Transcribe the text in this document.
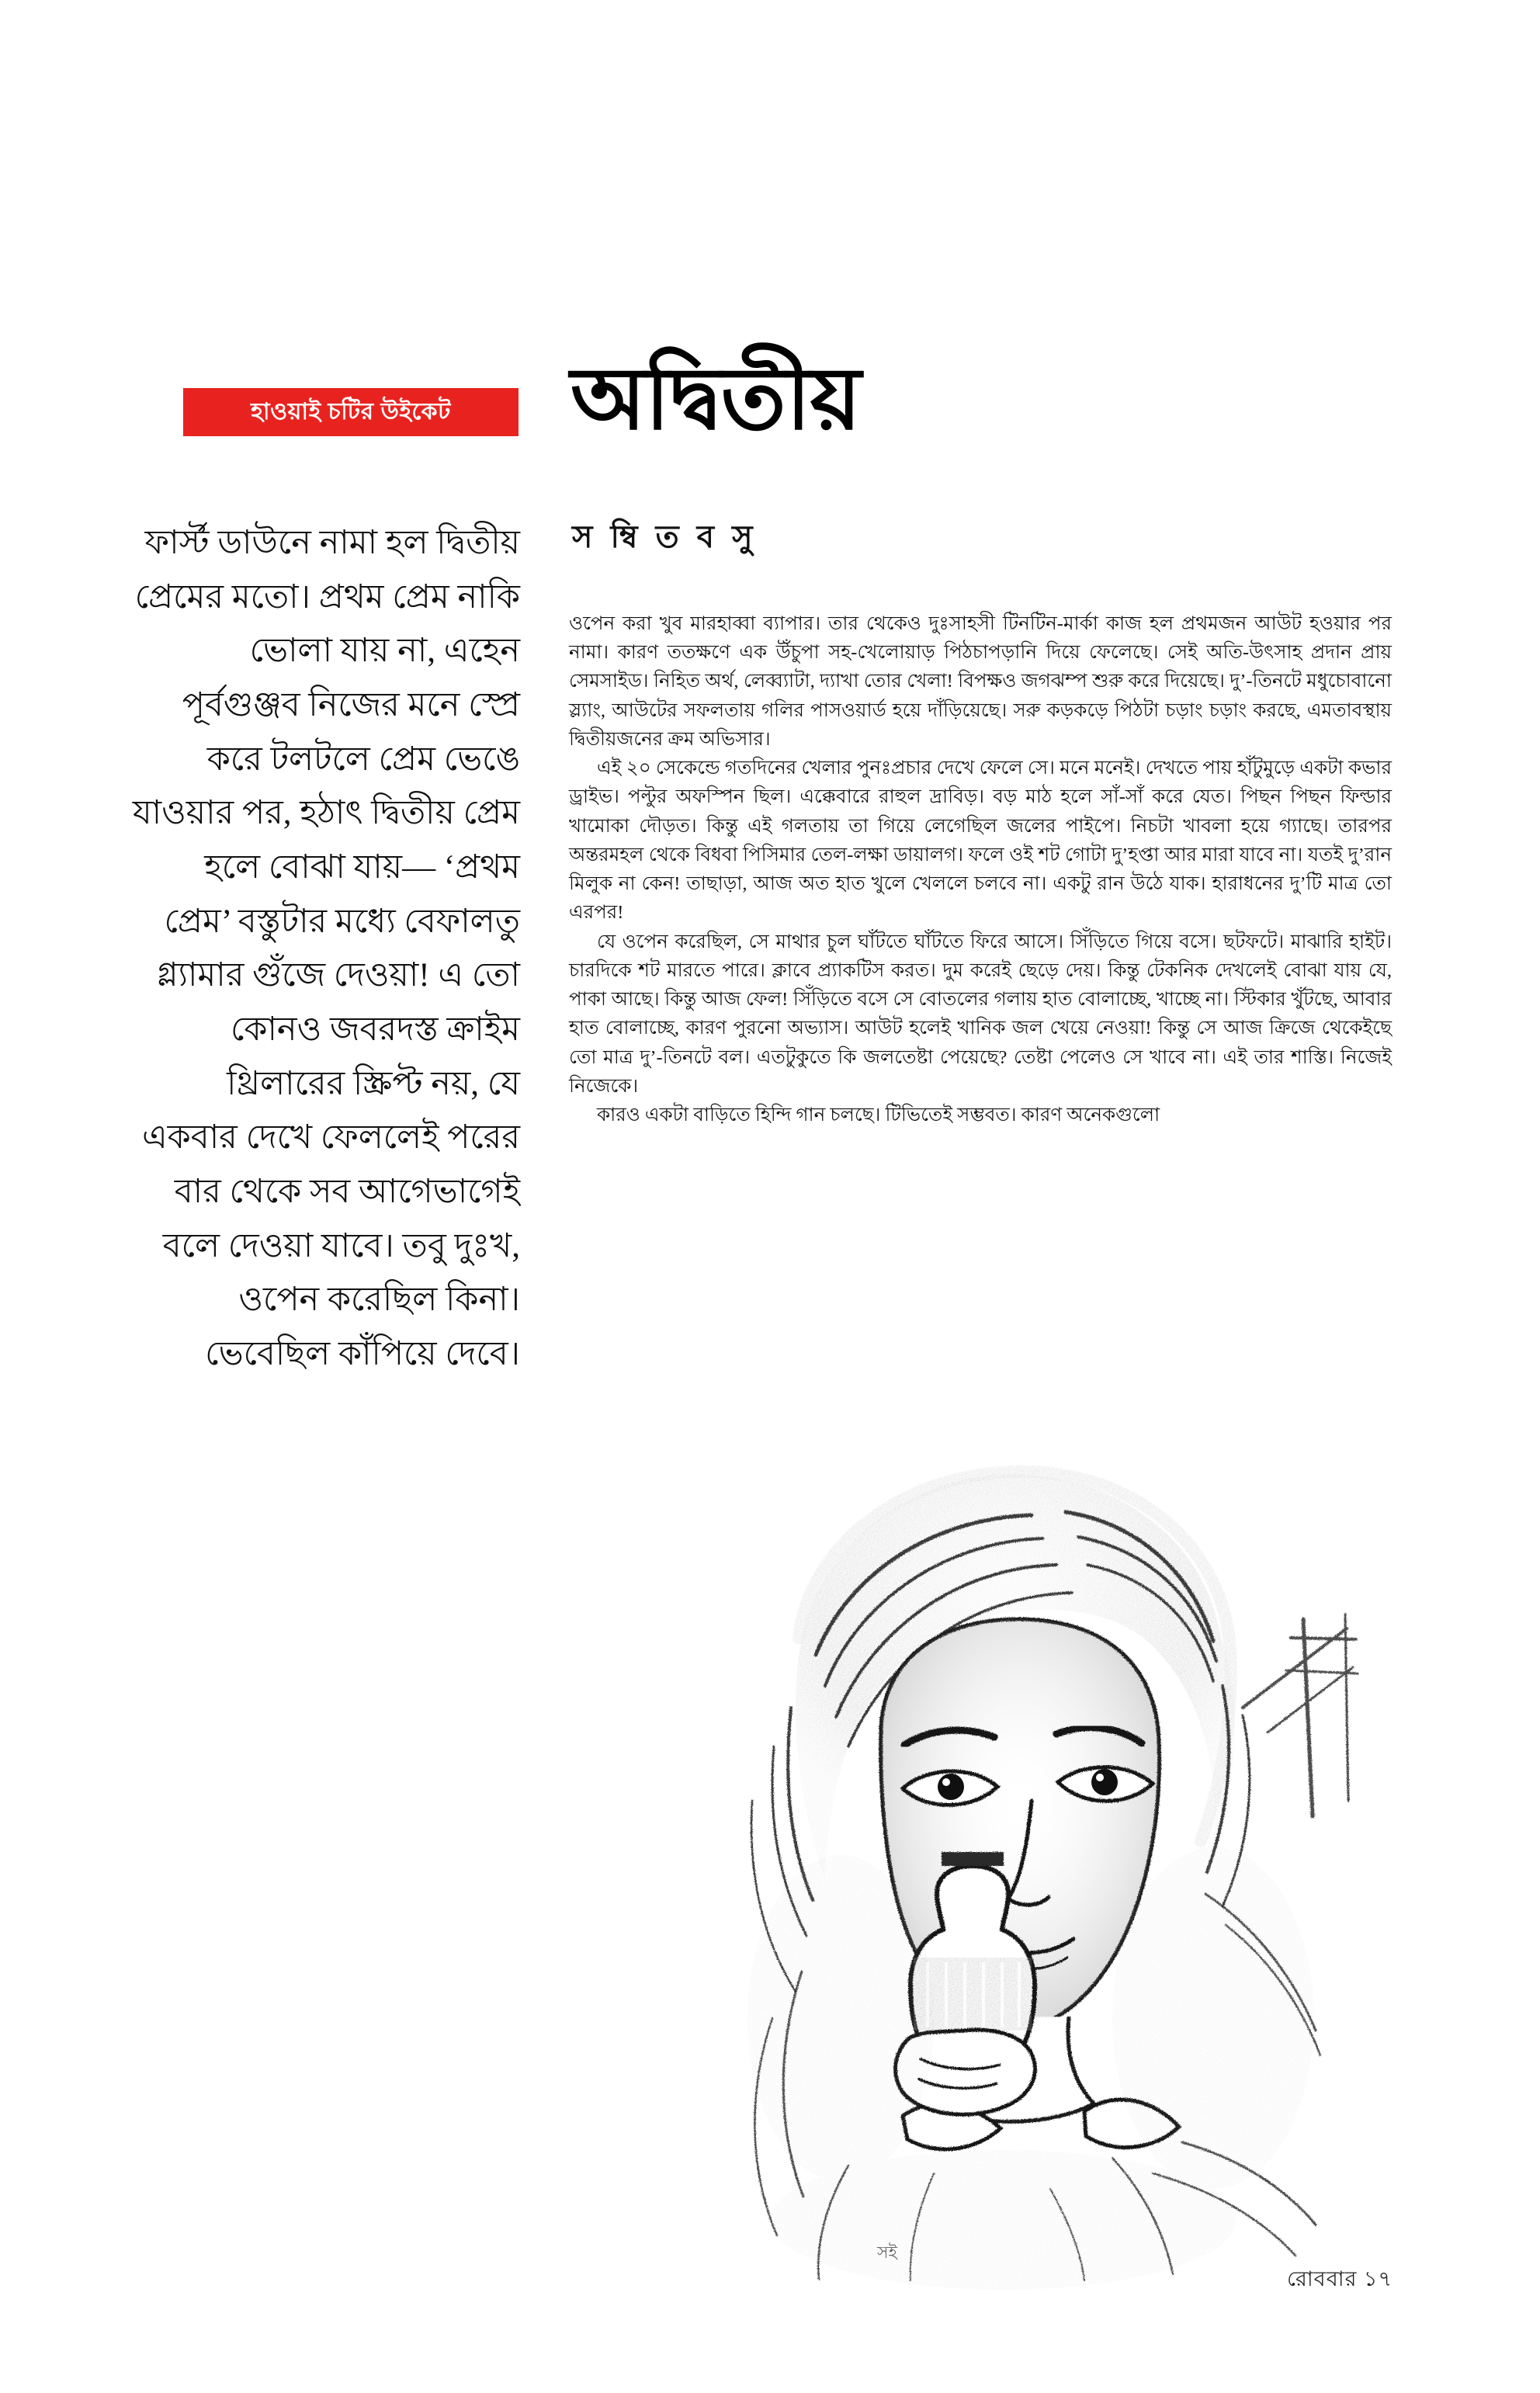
হাওয়াই চটির উইকেট	অদ্বিতীয়
স ম্বি ত ব সু
ফার্স্ট ডাউনে নামা হল দ্বিতীয় প্রেমের মতো। প্রথম প্রেম নাকি ভোলা যায় না, এহেন পূর্বগুঞ্জব নিজের মনে স্প্রে করে টলটলে প্রেম ভেঙে যাওয়ার পর, হঠাৎ দ্বিতীয় প্রেম হলে বোঝা যায়— ‘প্রথম প্রেম’ বস্তুটার মধ্যে বেফালতু গ্ল্যামার গুঁজে দেওয়া! এ তো কোনও জবরদস্ত ক্রাইম থ্রিলারের স্ক্রিপ্ট নয়, যে একবার দেখে ফেললেই পরের বার থেকে সব আগেভাগেই বলে দেওয়া যাবে। তবু দুঃখ, ওপেন করেছিল কিনা। ভেবেছিল কাঁপিয়ে দেবে।

ওপেন করা খুব মারহাব্বা ব্যাপার। তার থেকেও দুঃসাহসী টিনটিন-মার্কা কাজ হল প্রথমজন আউট হওয়ার পর নামা। কারণ ততক্ষণে এক উঁচুপা সহ-খেলোয়াড় পিঠচাপড়ানি দিয়ে ফেলেছে। সেই অতি-উৎসাহ প্রদান প্রায় সেমসাইড। নিহিত অর্থ, লেব্ব্যাটা, দ্যাখা তোর খেলা! বিপক্ষও জগঝম্প শুরু করে দিয়েছে। দু’-তিনটে মধুচোবানো স্ল্যাং, আউটের সফলতায় গলির পাসওয়ার্ড হয়ে দাঁড়িয়েছে। সরু কড়কড়ে পিঠটা চড়াং চড়াং করছে, এমতাবস্থায় দ্বিতীয়জনের ক্রম অভিসার।

এই ২০ সেকেন্ডে গতদিনের খেলার পুনঃপ্রচার দেখে ফেলে সে। মনে মনেই। দেখতে পায় হাঁটুমুড়ে একটা কভার ড্রাইভ। পল্টুর অফস্পিন ছিল। এক্কেবারে রাহুল দ্রাবিড়। বড় মাঠ হলে সাঁ-সাঁ করে যেত। পিছন পিছন ফিল্ডার খামোকা দৌড়ত। কিন্তু এই গলতায় তা গিয়ে লেগেছিল জলের পাইপে। নিচটা খাবলা হয়ে গ্যাছে। তারপর অন্তরমহল থেকে বিধবা পিসিমার তেল-লক্ষা ডায়ালগ। ফলে ওই শট গোটা দু’হপ্তা আর মারা যাবে না। যতই দু’রান মিলুক না কেন! তাছাড়া, আজ অত হাত খুলে খেললে চলবে না। একটু রান উঠে যাক। হারাধনের দু’টি মাত্র তো এরপর!

যে ওপেন করেছিল, সে মাথার চুল ঘাঁটতে ঘাঁটতে ফিরে আসে। সিঁড়িতে গিয়ে বসে। ছটফটে। মাঝারি হাইট। চারদিকে শট মারতে পারে। ক্লাবে প্র্যাকটিস করত। দুম করেই ছেড়ে দেয়। কিন্তু টেকনিক দেখলেই বোঝা যায় যে, পাকা আছে। কিন্তু আজ ফেল! সিঁড়িতে বসে সে বোতলের গলায় হাত বোলাচ্ছে, খাচ্ছে না। স্টিকার খুঁটছে, আবার হাত বোলাচ্ছে, কারণ পুরনো অভ্যাস। আউট হলেই খানিক জল খেয়ে নেওয়া! কিন্তু সে আজ ক্রিজে থেকেইছে তো মাত্র দু’-তিনটে বল। এতটুকুতে কি জলতেষ্টা পেয়েছে? তেষ্টা পেলেও সে খাবে না। এই তার শাস্তি। নিজেই নিজেকে।

কারও একটা বাড়িতে হিন্দি গান চলছে। টিভিতেই সম্ভবত। কারণ অনেকগুলো

সই
রোববার ১৭
